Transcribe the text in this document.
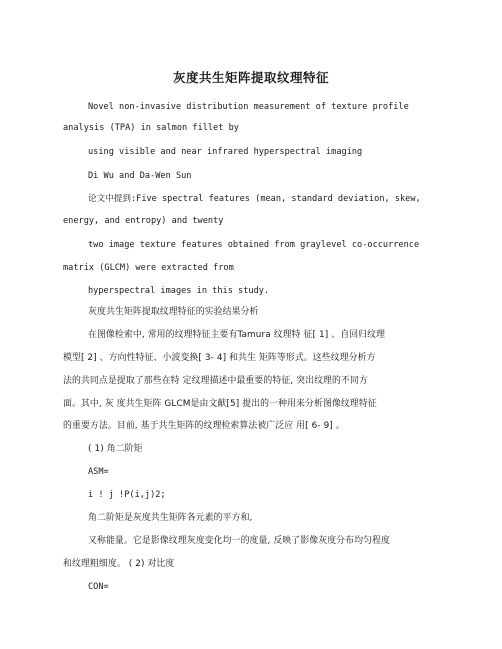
灰度共生矩阵提取纹理特征
Novel non-invasive distribution measurement of texture profile
analysis (TPA) in salmon fillet by
using visible and near infrared hyperspectral imaging
Di Wu and Da-Wen Sun
论文中提到:Five spectral features (mean, standard deviation, skew,
energy, and entropy) and twenty
two image texture features obtained from graylevel co-occurrence
matrix (GLCM) were extracted from
hyperspectral images in this study.
灰度共生矩阵提取纹理特征的实验结果分析
在图像检索中, 常用的纹理特征主要有Tamura 纹理特 征[ 1] 、自回归纹理
模型[ 2] 、方向性特征、小波变换[ 3- 4] 和共生 矩阵等形式。这些纹理分析方
法的共同点是提取了那些在特 定纹理描述中最重要的特征, 突出纹理的不同方
面。其中, 灰 度共生矩阵 GLCM是由文献[5] 提出的一种用来分析图像纹理特征
的重要方法。目前, 基于共生矩阵的纹理检索算法被广泛应 用[ 6- 9] 。
( 1) 角二阶矩
ASM=
i ! j !P(i,j)2;
角二阶矩是灰度共生矩阵各元素的平方和,
又称能量。它是影像纹理灰度变化均一的度量, 反映了影像灰度分布均匀程度
和纹理粗细度。 ( 2) 对比度
CON=
